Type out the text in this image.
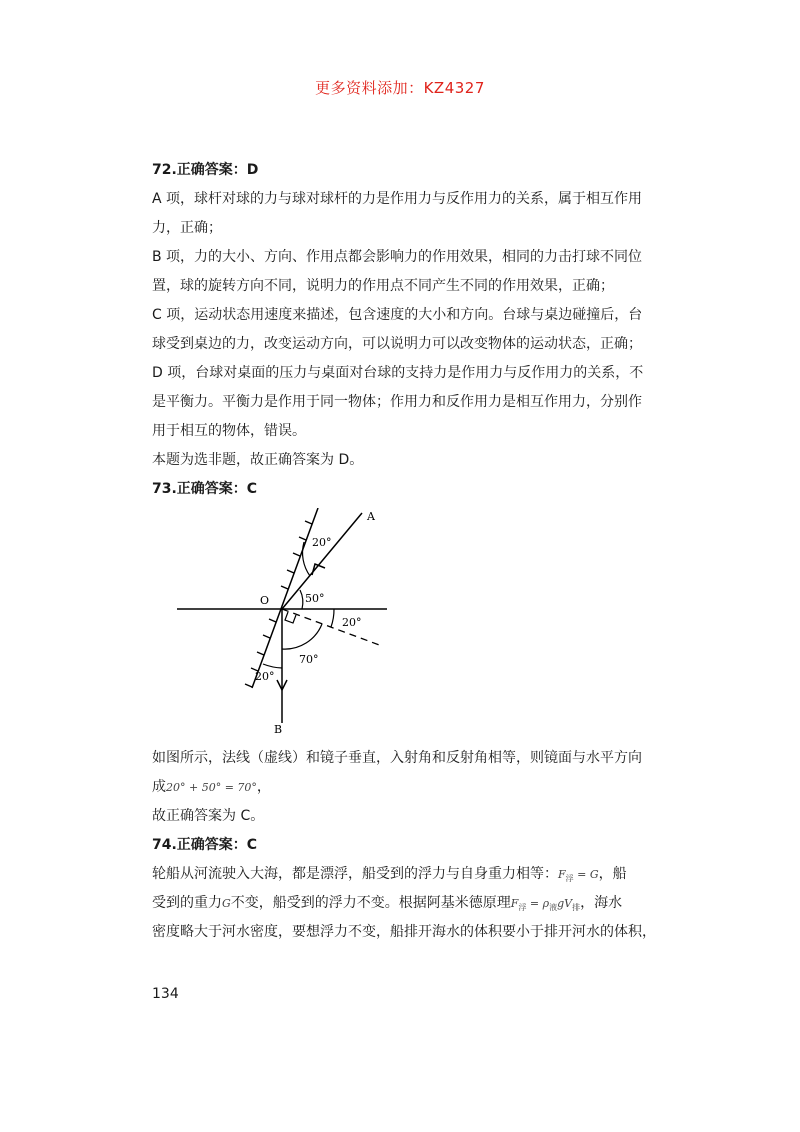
更多资料添加：KZ4327
72.正确答案：D
A 项，球杆对球的力与球对球杆的力是作用力与反作用力的关系，属于相互作用
力，正确；
B 项，力的大小、方向、作用点都会影响力的作用效果，相同的力击打球不同位
置，球的旋转方向不同，说明力的作用点不同产生不同的作用效果，正确；
C 项，运动状态用速度来描述，包含速度的大小和方向。台球与桌边碰撞后，台
球受到桌边的力，改变运动方向，可以说明力可以改变物体的运动状态，正确；
D 项，台球对桌面的压力与桌面对台球的支持力是作用力与反作用力的关系，不
是平衡力。平衡力是作用于同一物体；作用力和反作用力是相互作用力，分别作
用于相互的物体，错误。
本题为选非题，故正确答案为 D。
73.正确答案：C
A
B
O
20°
50°
20°
70°
20°
如图所示，法线（虚线）和镜子垂直，入射角和反射角相等，则镜面与水平方向
成20° + 50° = 70°，
故正确答案为 C。
74.正确答案：C
轮船从河流驶入大海，都是漂浮，船受到的浮力与自身重力相等：$F_浮 = G$，船
受到的重力G不变，船受到的浮力不变。根据阿基米德原理$F_浮 = \rho_液gV_排$，海水
密度略大于河水密度，要想浮力不变，船排开海水的体积要小于排开河水的体积，
134
